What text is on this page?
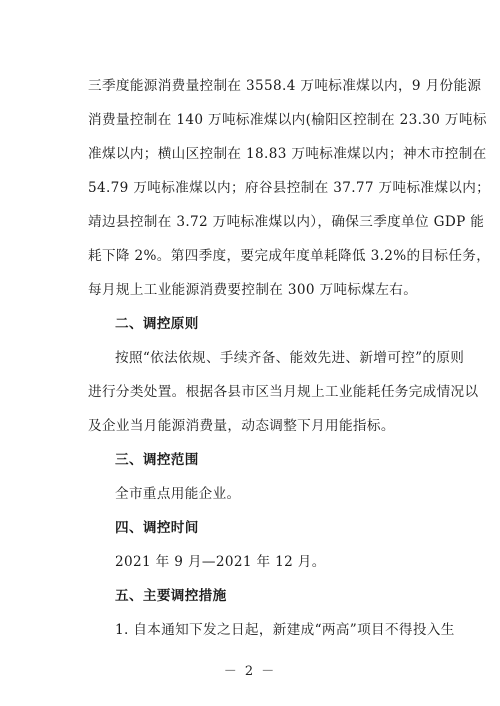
三季度能源消费量控制在 3558.4 万吨标准煤以内，9 月份能源
消费量控制在 140 万吨标准煤以内(榆阳区控制在 23.30 万吨标
准煤以内；横山区控制在 18.83 万吨标准煤以内；神木市控制在
54.79 万吨标准煤以内；府谷县控制在 37.77 万吨标准煤以内；
靖边县控制在 3.72 万吨标准煤以内），确保三季度单位 GDP 能
耗下降 2%。第四季度，要完成年度单耗降低 3.2%的目标任务，
每月规上工业能源消费要控制在 300 万吨标煤左右。
二、调控原则
按照“依法依规、手续齐备、能效先进、新增可控”的原则
进行分类处置。根据各县市区当月规上工业能耗任务完成情况以
及企业当月能源消费量，动态调整下月用能指标。
三、调控范围
全市重点用能企业。
四、调控时间
2021 年 9 月—2021 年 12 月。
五、主要调控措施
1. 自本通知下发之日起，新建成“两高”项目不得投入生
－ 2 －
